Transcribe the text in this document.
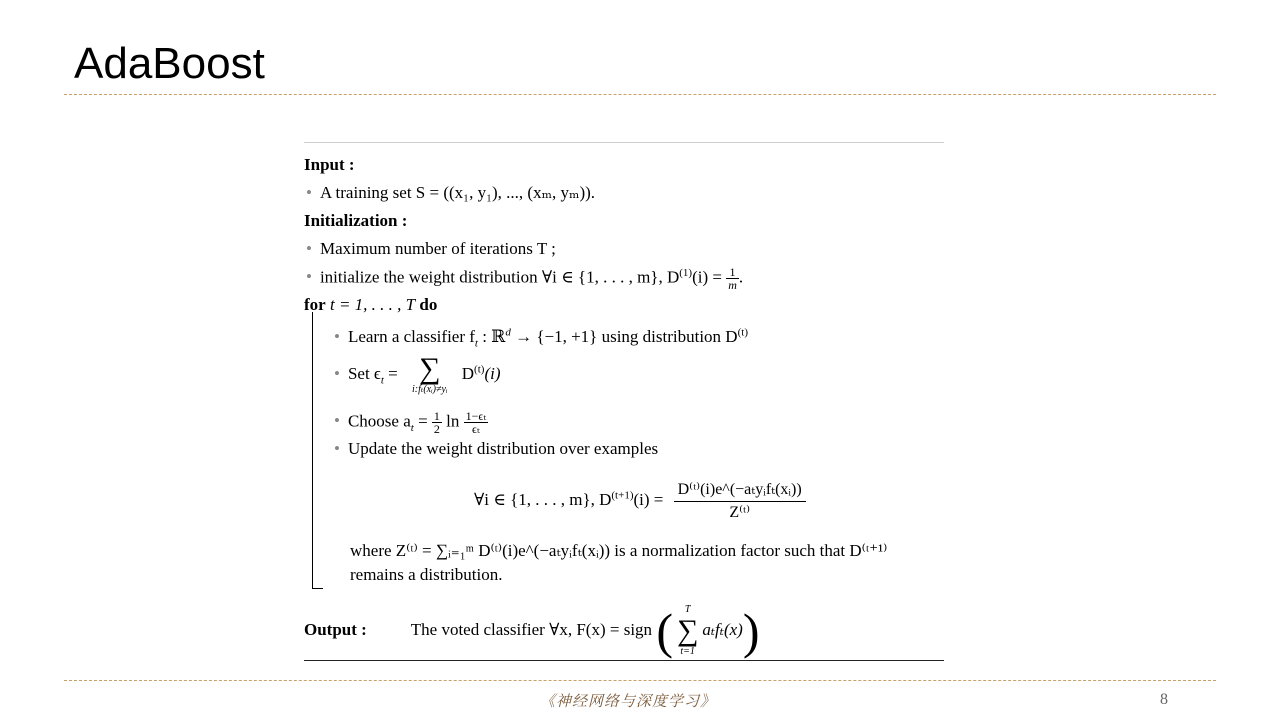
AdaBoost
Input :
• A training set S = ((x₁, y₁), ..., (xₘ, yₘ)).
Initialization :
• Maximum number of iterations T ;
• initialize the weight distribution ∀i ∈ {1, . . . , m}, $D^{(1)}(i) = \frac{1}{m}$ .
for t = 1, . . . , T do
• Learn a classifier $f_t$ : ℝ$^d$ → {−1, +1} using distribution $D^{(t)}$
• Set $\epsilon_t$ = ∑
i:fₜ(xᵢ)≠yᵢ
$D^{(t)}(i)$
• Choose $a_t = \frac{1}{2}$ $\ln \frac{\text{1−ϵₜ}}{\text{ϵₜ}}$
• Update the weight distribution over examples
∀i ∈ {1, . . . , m}, $D^{(t+1)}(i) = \frac{\text{D⁽ᵗ⁾(i)e\textasciicircum{}(−aₜyᵢfₜ(xᵢ))}}{\text{Z⁽ᵗ⁾}}$
where Z⁽ᵗ⁾ = ∑ᵢ₌₁ᵐ D⁽ᵗ⁾(i)e^(−aₜyᵢfₜ(xᵢ)) is a normalization factor such that D⁽ᵗ⁺¹⁾
remains a distribution.
Output :	The voted classifier ∀x, F(x) = sign (	T
∑
t=1
aₜfₜ(x))
《神经网络与深度学习》	8
